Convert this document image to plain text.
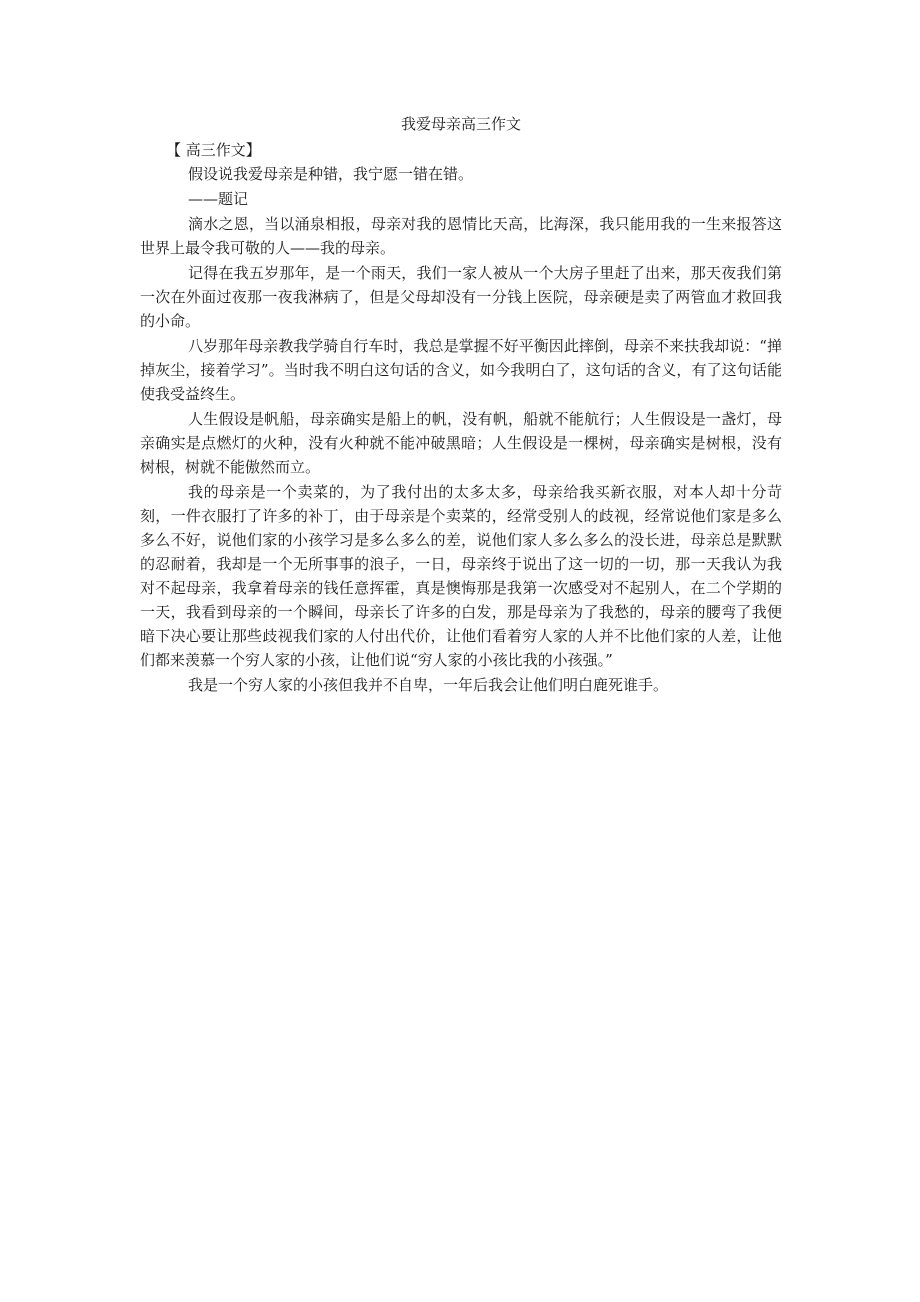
我爱母亲高三作文
【 高三作文】

假设说我爱母亲是种错，我宁愿一错在错。

——题记

滴水之恩，当以涌泉相报，母亲对我的恩情比天高，比海深，我只能用我的一生来报答这世界上最令我可敬的人——我的母亲。

记得在我五岁那年，是一个雨天，我们一家人被从一个大房子里赶了出来，那天夜我们第一次在外面过夜那一夜我淋病了，但是父母却没有一分钱上医院，母亲硬是卖了两管血才救回我的小命。

八岁那年母亲教我学骑自行车时，我总是掌握不好平衡因此摔倒，母亲不来扶我却说：“掸掉灰尘，接着学习”。当时我不明白这句话的含义，如今我明白了，这句话的含义，有了这句话能使我受益终生。

人生假设是帆船，母亲确实是船上的帆，没有帆，船就不能航行；人生假设是一盏灯，母亲确实是点燃灯的火种，没有火种就不能冲破黑暗；人生假设是一棵树，母亲确实是树根，没有树根，树就不能傲然而立。

我的母亲是一个卖菜的，为了我付出的太多太多，母亲给我买新衣服，对本人却十分苛刻，一件衣服打了许多的补丁，由于母亲是个卖菜的，经常受别人的歧视，经常说他们家是多么多么不好，说他们家的小孩学习是多么多么的差，说他们家人多么多么的没长进，母亲总是默默的忍耐着，我却是一个无所事事的浪子，一日，母亲终于说出了这一切的一切，那一天我认为我对不起母亲，我拿着母亲的钱任意挥霍，真是懊悔那是我第一次感受对不起别人，在二个学期的一天，我看到母亲的一个瞬间，母亲长了许多的白发，那是母亲为了我愁的，母亲的腰弯了我便暗下决心要让那些歧视我们家的人付出代价，让他们看着穷人家的人并不比他们家的人差，让他们都来羡慕一个穷人家的小孩，让他们说“穷人家的小孩比我的小孩强。”

我是一个穷人家的小孩但我并不自卑，一年后我会让他们明白鹿死谁手。
